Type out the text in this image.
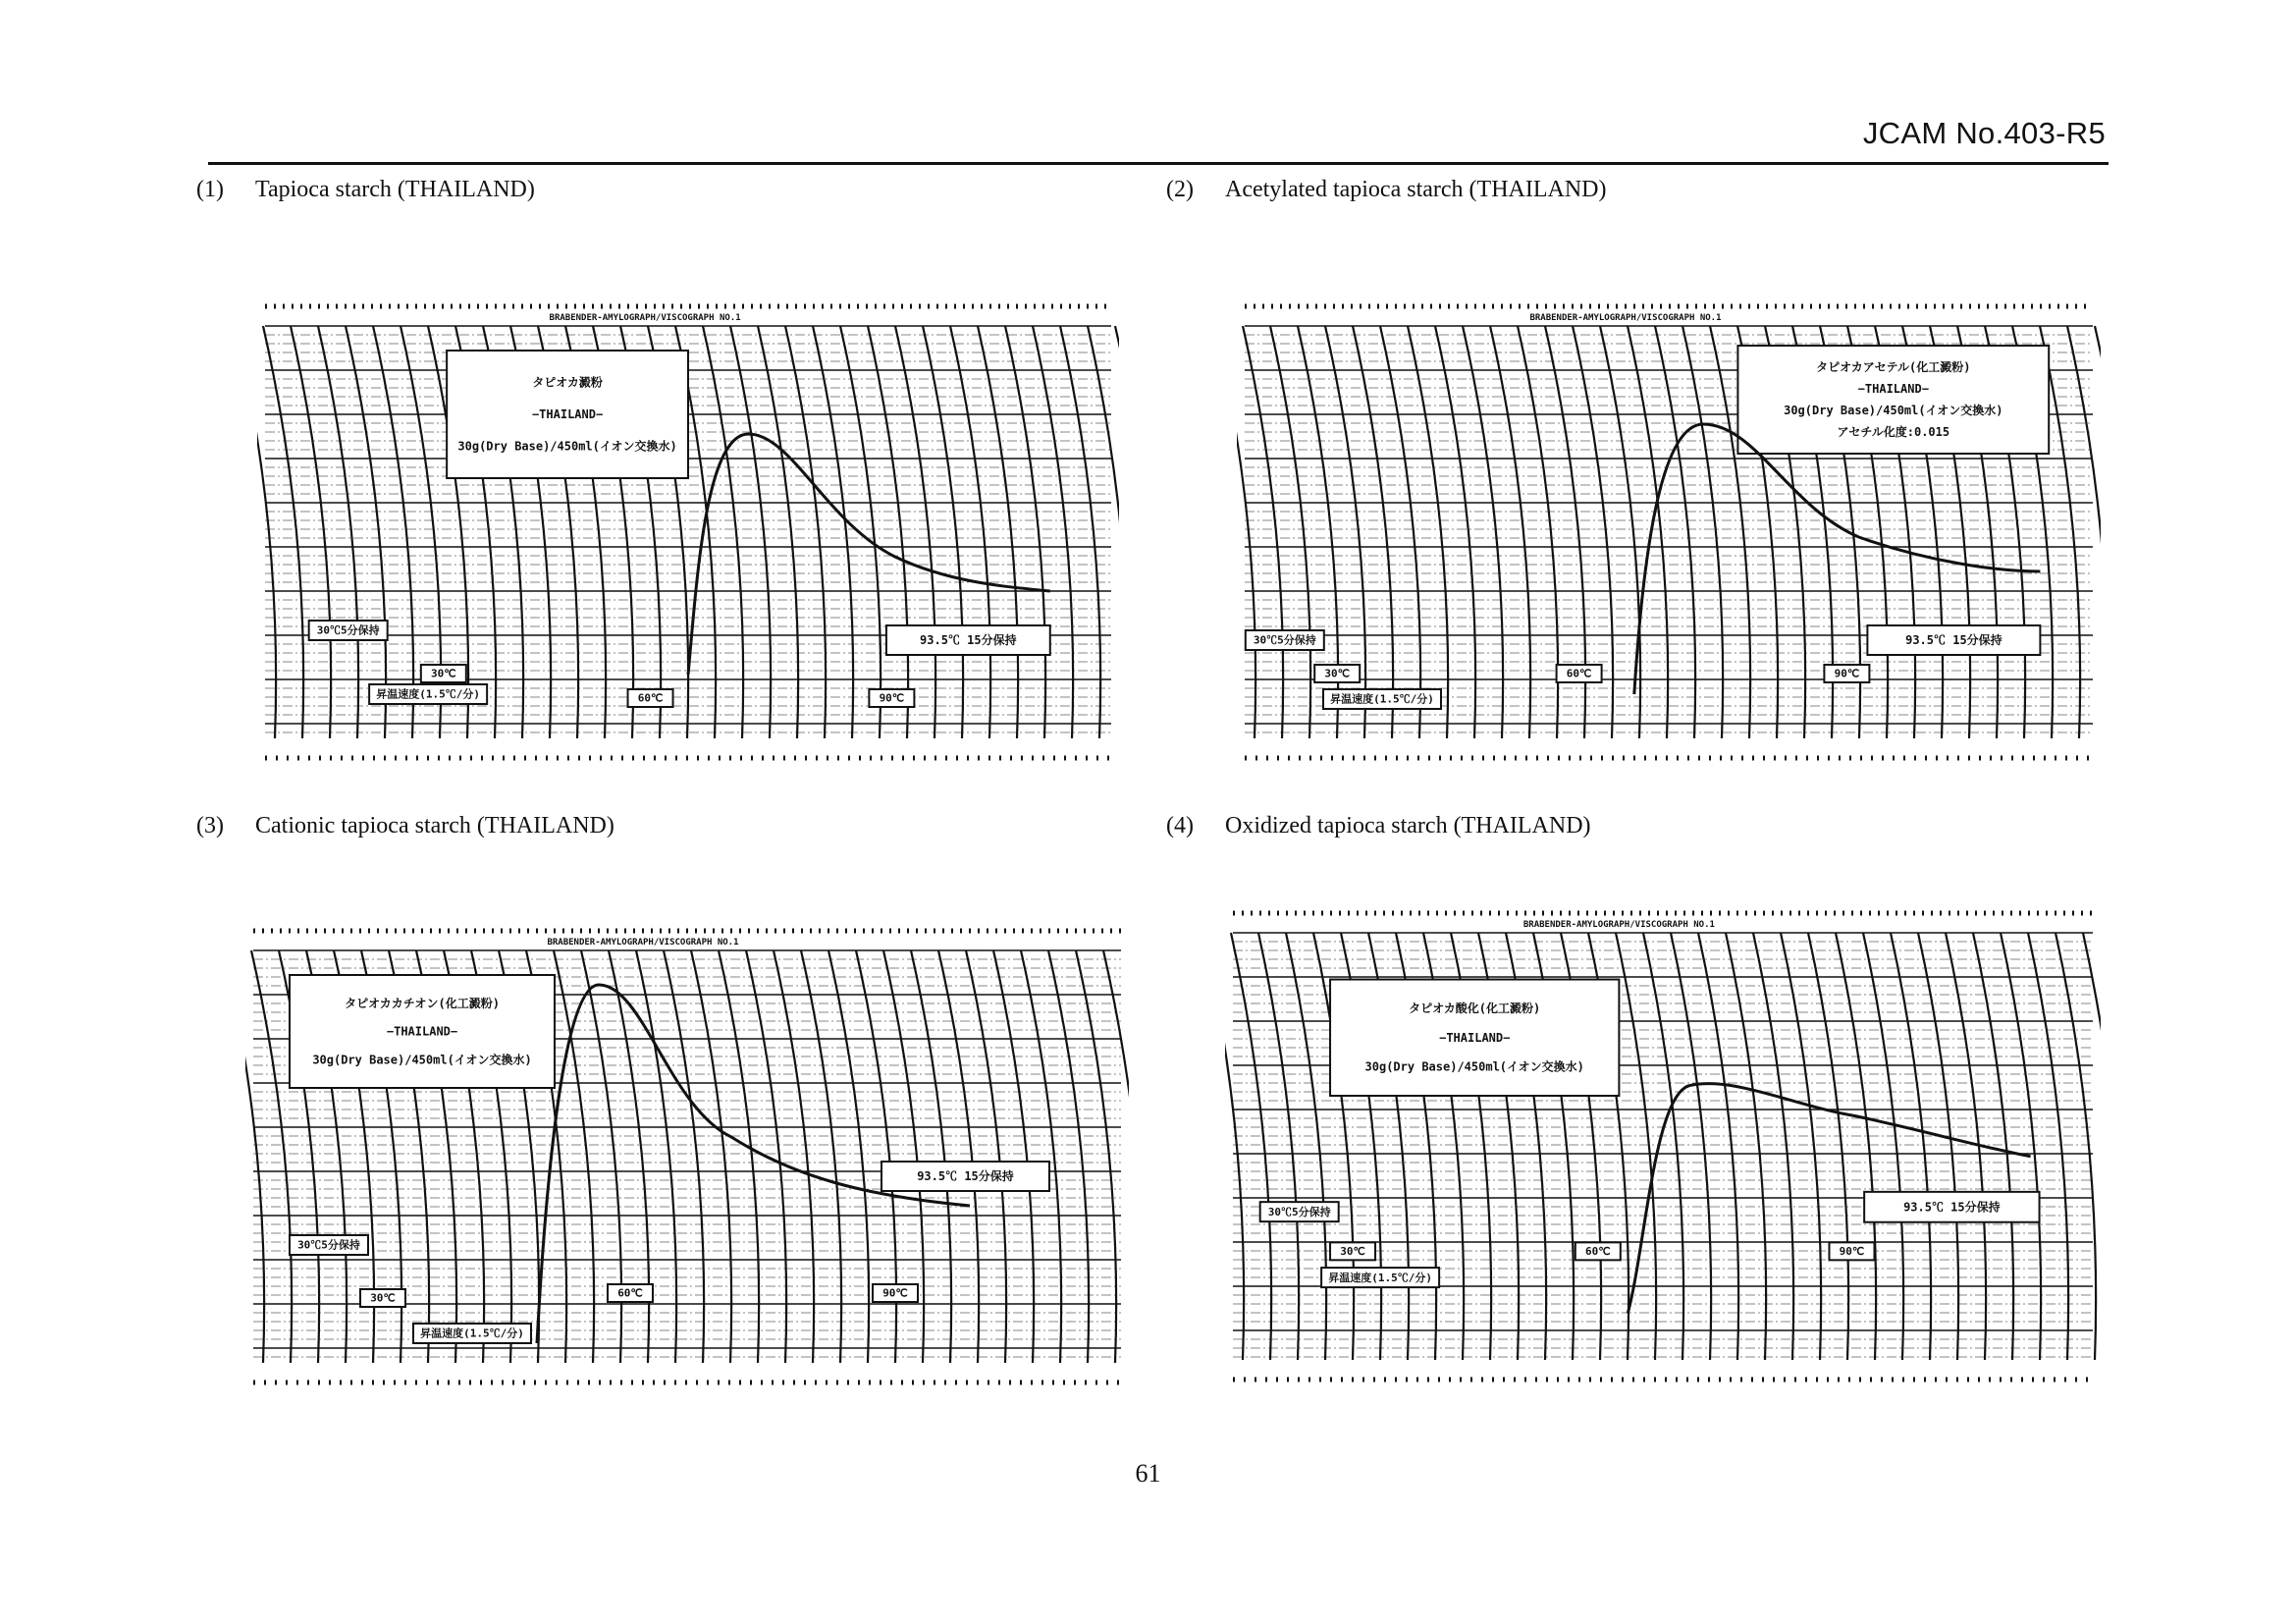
JCAM No.403-R5
(1) Tapioca starch (THAILAND)	(2) Acetylated tapioca starch (THAILAND)
(3) Cationic tapioca starch (THAILAND)	(4) Oxidized tapioca starch (THAILAND)
タピオカ澱粉
−THAILAND−
30g(Dry Base)/450ml(イオン交換水)
93.5℃ 15分保持
30℃5分保持
30℃
60℃	90℃
昇温速度(1.5℃/分)
BRABENDER-AMYLOGRAPH/VISCOGRAPH NO.1
タピオカアセテル(化工澱粉)
−THAILAND−
30g(Dry Base)/450ml(イオン交換水)
アセチル化度:0.015
93.5℃ 15分保持
30℃5分保持
30℃	60℃	90℃
昇温速度(1.5℃/分)
BRABENDER-AMYLOGRAPH/VISCOGRAPH NO.1
タピオカカチオン(化工澱粉)
−THAILAND−
30g(Dry Base)/450ml(イオン交換水)
93.5℃ 15分保持
30℃5分保持
30℃	60℃	90℃
昇温速度(1.5℃/分)
BRABENDER-AMYLOGRAPH/VISCOGRAPH NO.1
タピオカ酸化(化工澱粉)
−THAILAND−
30g(Dry Base)/450ml(イオン交換水)
93.5℃ 15分保持
30℃5分保持
30℃	60℃	90℃
昇温速度(1.5℃/分)
BRABENDER-AMYLOGRAPH/VISCOGRAPH NO.1
61
